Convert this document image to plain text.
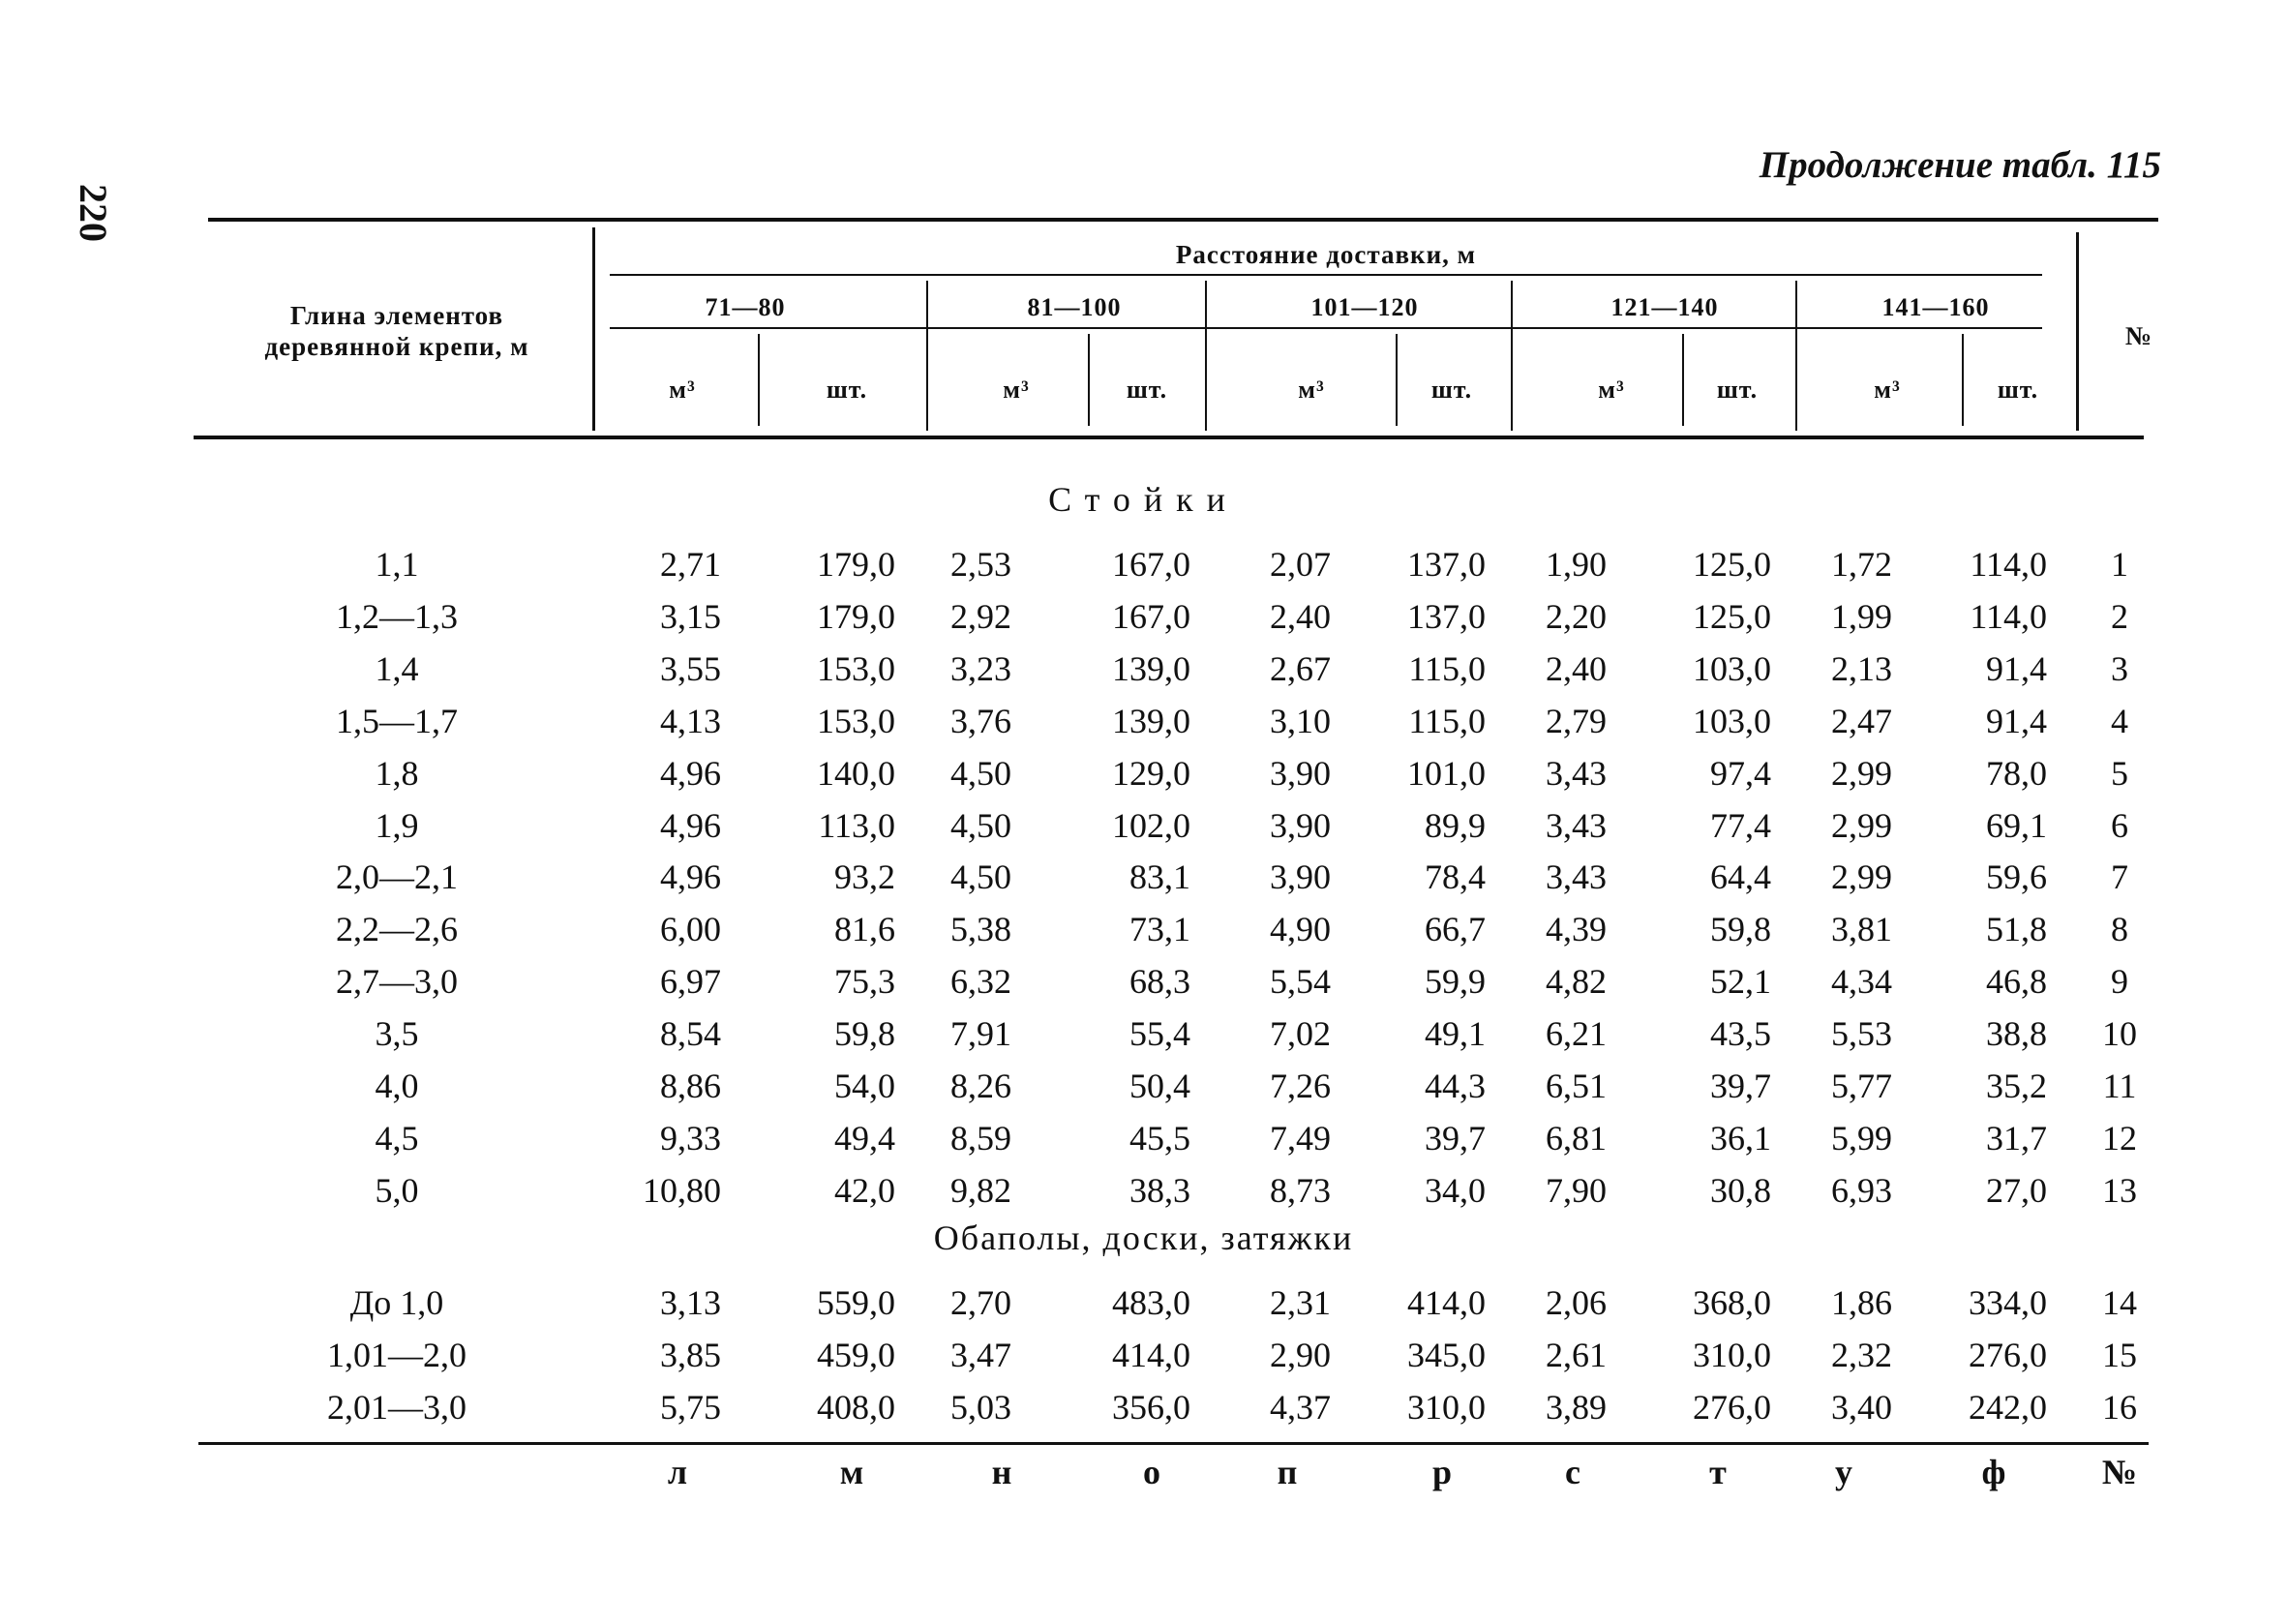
220
Продолжение табл. 115
Глина элементов деревянной крепи, м
Расстояние доставки, м
№
71—80	81—100	101—120	121—140	141—160
м³	шт.	м³	шт.	м³	шт.	м³	шт.	м³	шт.
Стойки
1,1	2,71	179,0	2,53	167,0	2,07	137,0	1,90	125,0	1,72	114,0	1
1,2—1,3	3,15	179,0	2,92	167,0	2,40	137,0	2,20	125,0	1,99	114,0	2
1,4	3,55	153,0	3,23	139,0	2,67	115,0	2,40	103,0	2,13	91,4	3
1,5—1,7	4,13	153,0	3,76	139,0	3,10	115,0	2,79	103,0	2,47	91,4	4
1,8	4,96	140,0	4,50	129,0	3,90	101,0	3,43	97,4	2,99	78,0	5
1,9	4,96	113,0	4,50	102,0	3,90	89,9	3,43	77,4	2,99	69,1	6
2,0—2,1	4,96	93,2	4,50	83,1	3,90	78,4	3,43	64,4	2,99	59,6	7
2,2—2,6	6,00	81,6	5,38	73,1	4,90	66,7	4,39	59,8	3,81	51,8	8
2,7—3,0	6,97	75,3	6,32	68,3	5,54	59,9	4,82	52,1	4,34	46,8	9
3,5	8,54	59,8	7,91	55,4	7,02	49,1	6,21	43,5	5,53	38,8	10
4,0	8,86	54,0	8,26	50,4	7,26	44,3	6,51	39,7	5,77	35,2	11
4,5	9,33	49,4	8,59	45,5	7,49	39,7	6,81	36,1	5,99	31,7	12
5,0	10,80	42,0	9,82	38,3	8,73	34,0	7,90	30,8	6,93	27,0	13
Обаполы, доски, затяжки
До 1,0	3,13	559,0	2,70	483,0	2,31	414,0	2,06	368,0	1,86	334,0	14
1,01—2,0	3,85	459,0	3,47	414,0	2,90	345,0	2,61	310,0	2,32	276,0	15
2,01—3,0	5,75	408,0	5,03	356,0	4,37	310,0	3,89	276,0	3,40	242,0	16
л	м	н	о	п	р	с	т	у	ф	№
